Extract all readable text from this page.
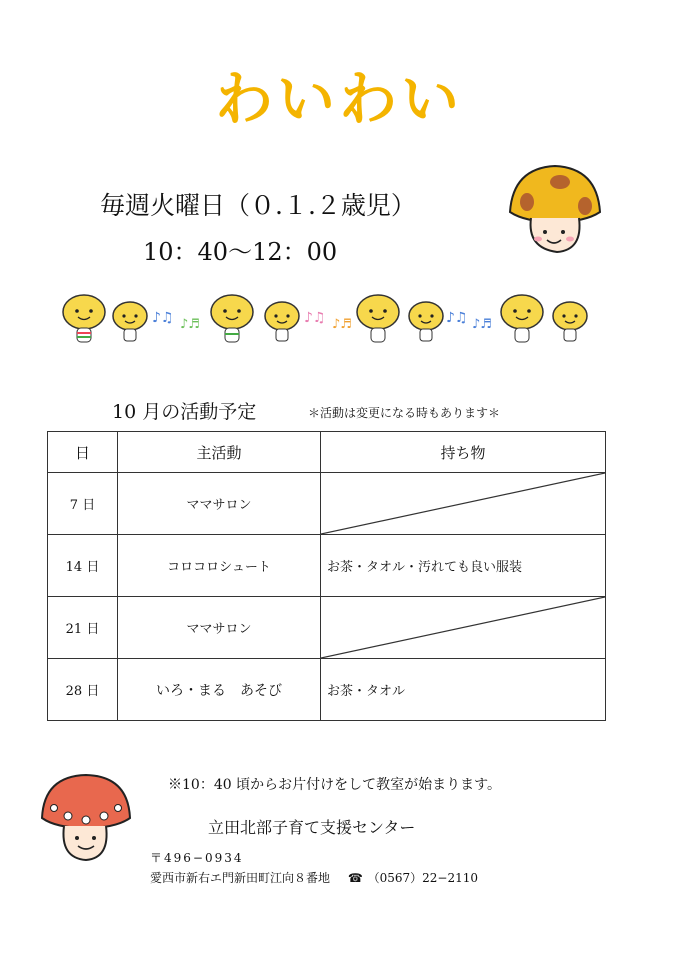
わいわい
毎週火曜日（０.１.２歳児）
10：40〜12：00
♪♫ ♪♬	♪♫ ♪♬	♪♫ ♪♬
10 月の活動予定	＊活動は変更になる時もあります＊
日	主活動	持ち物
7 日	ママサロン	

14 日	コロコロシュート	お茶・タオル・汚れても良い服装
21 日	ママサロン	

28 日	いろ・まる　あそび	お茶・タオル
※10：40 頃からお片付けをして教室が始まります。
立田北部子育て支援センター
〒496−0934
愛西市新右エ門新田町江向８番地 ☎ （0567）22−2110
